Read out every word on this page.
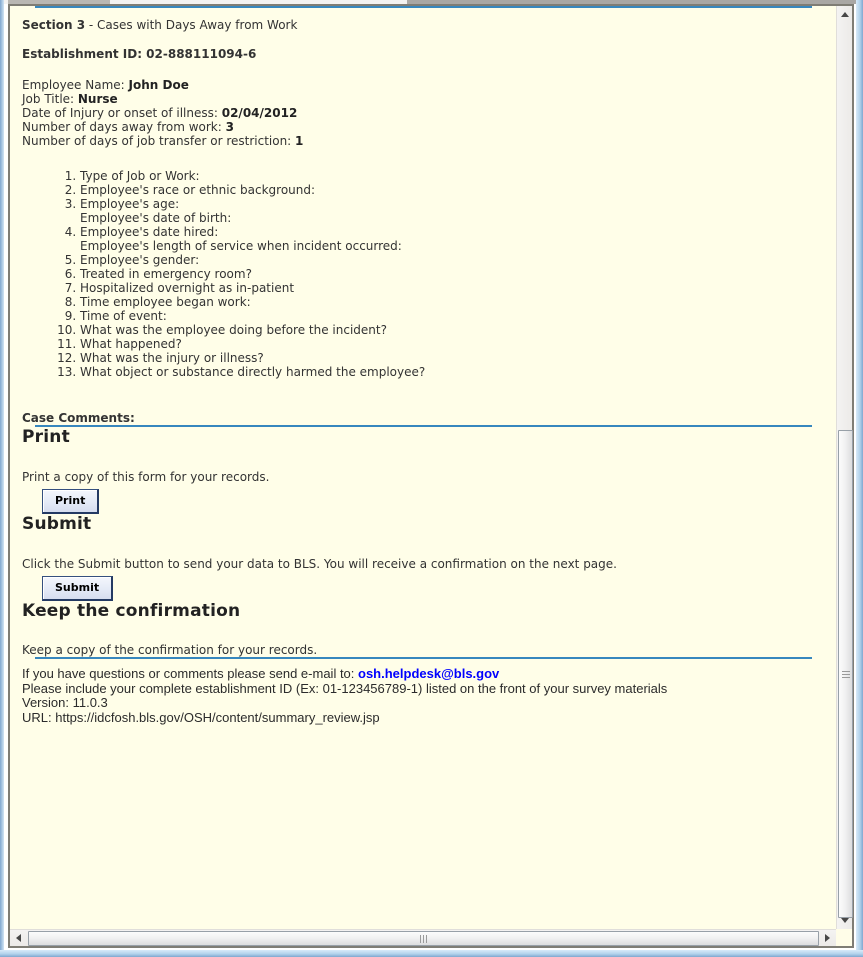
Section 3 - Cases with Days Away from Work

Establishment ID: 02-888111094-6

Employee Name: John Doe
Job Title: Nurse
Date of Injury or onset of illness: 02/04/2012
Number of days away from work: 3
Number of days of job transfer or restriction: 1
1. Type of Job or Work:
2. Employee's race or ethnic background:
3. Employee's age:
Employee's date of birth:
4. Employee's date hired:
Employee's length of service when incident occurred:
5. Employee's gender:
6. Treated in emergency room?
7. Hospitalized overnight as in-patient
8. Time employee began work:
9. Time of event:
10. What was the employee doing before the incident?
11. What happened?
12. What was the injury or illness?
13. What object or substance directly harmed the employee?

Case Comments:

Print

Print a copy of this form for your records.

Print
Submit

Click the Submit button to send your data to BLS. You will receive a confirmation on the next page.

Submit
Keep the confirmation

Keep a copy of the confirmation for your records.

If you have questions or comments please send e-mail to: osh.helpdesk@bls.gov
Please include your complete establishment ID (Ex: 01-123456789-1) listed on the front of your survey materials
Version: 11.0.3
URL: https://idcfosh.bls.gov/OSH/content/summary_review.jsp
